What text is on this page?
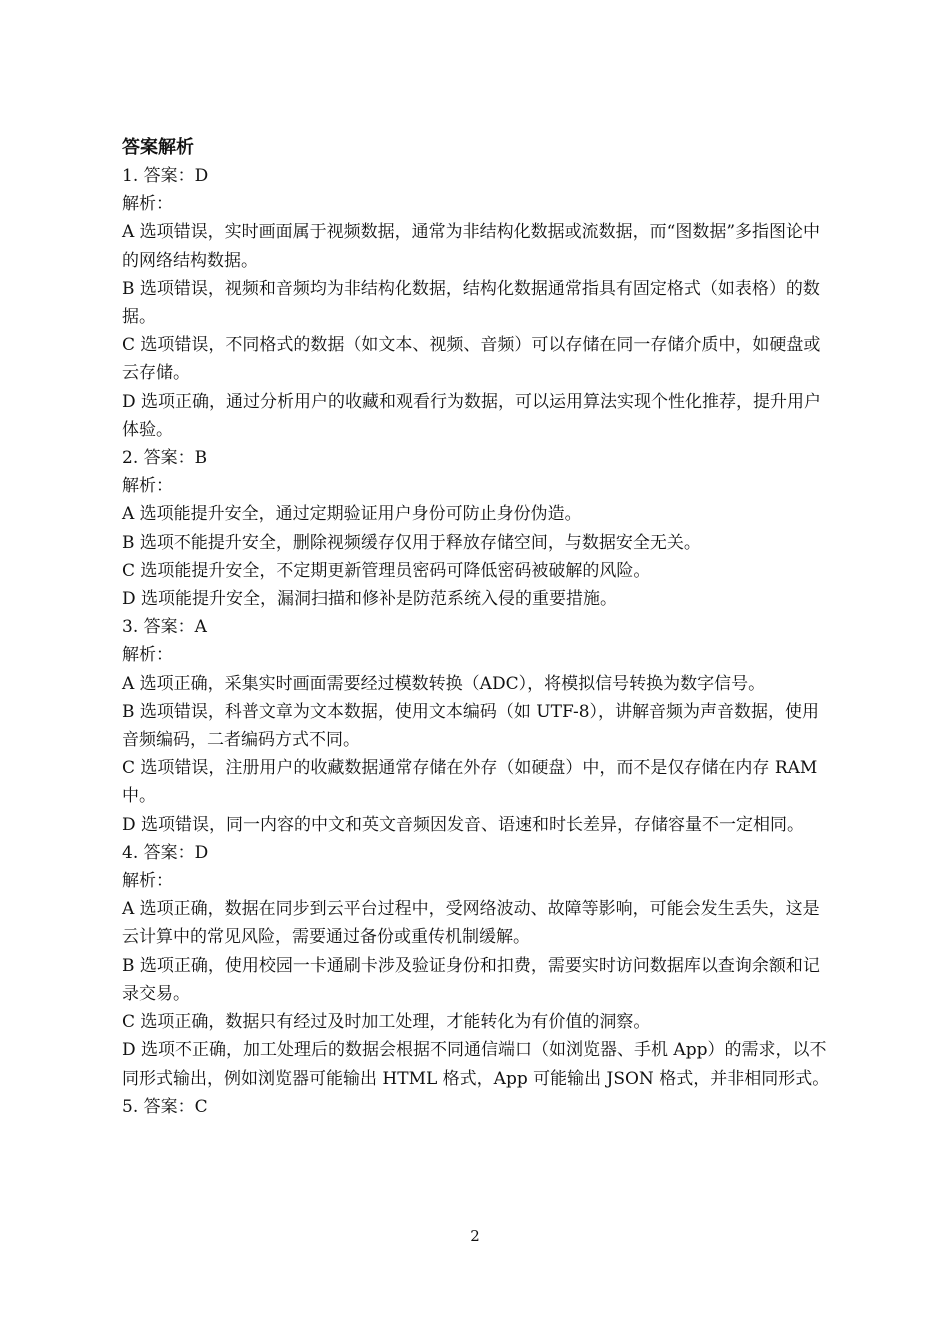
答案解析
1. 答案：D
解析：
A 选项错误，实时画面属于视频数据，通常为非结构化数据或流数据，而“图数据”多指图论中的网络结构数据。
B 选项错误，视频和音频均为非结构化数据，结构化数据通常指具有固定格式（如表格）的数据。
C 选项错误，不同格式的数据（如文本、视频、音频）可以存储在同一存储介质中，如硬盘或云存储。
D 选项正确，通过分析用户的收藏和观看行为数据，可以运用算法实现个性化推荐，提升用户体验。
2. 答案：B
解析：
A 选项能提升安全，通过定期验证用户身份可防止身份伪造。
B 选项不能提升安全，删除视频缓存仅用于释放存储空间，与数据安全无关。
C 选项能提升安全，不定期更新管理员密码可降低密码被破解的风险。
D 选项能提升安全，漏洞扫描和修补是防范系统入侵的重要措施。
3. 答案：A
解析：
A 选项正确，采集实时画面需要经过模数转换（ADC），将模拟信号转换为数字信号。
B 选项错误，科普文章为文本数据，使用文本编码（如 UTF-8），讲解音频为声音数据，使用音频编码，二者编码方式不同。
C 选项错误，注册用户的收藏数据通常存储在外存（如硬盘）中，而不是仅存储在内存 RAM 中。
D 选项错误，同一内容的中文和英文音频因发音、语速和时长差异，存储容量不一定相同。
4. 答案：D
解析：
A 选项正确，数据在同步到云平台过程中，受网络波动、故障等影响，可能会发生丢失，这是云计算中的常见风险，需要通过备份或重传机制缓解。
B 选项正确，使用校园一卡通刷卡涉及验证身份和扣费，需要实时访问数据库以查询余额和记录交易。
C 选项正确，数据只有经过及时加工处理，才能转化为有价值的洞察。
D 选项不正确，加工处理后的数据会根据不同通信端口（如浏览器、手机 App）的需求，以不同形式输出，例如浏览器可能输出 HTML 格式，App 可能输出 JSON 格式，并非相同形式。
5. 答案：C
2
